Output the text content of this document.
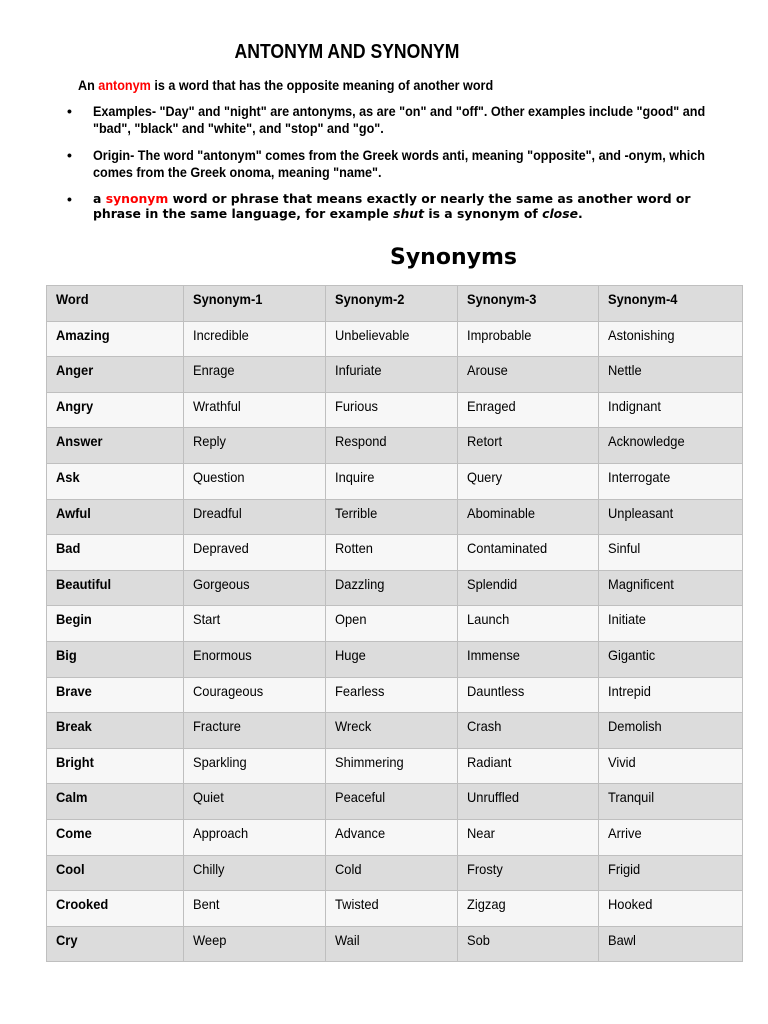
ANTONYM AND SYNONYM
An antonym is a word that has the opposite meaning of another word
• Examples- "Day" and "night" are antonyms, as are "on" and "off". Other examples include "good" and "bad", "black" and "white", and "stop" and "go".
• Origin- The word "antonym" comes from the Greek words anti, meaning "opposite", and -onym, which comes from the Greek onoma, meaning "name".
• a synonym word or phrase that means exactly or nearly the same as another word or phrase in the same language, for example shut is a synonym of close.
Synonyms
Word	Synonym-1	Synonym-2	Synonym-3	Synonym-4
Amazing	Incredible	Unbelievable	Improbable	Astonishing
Anger	Enrage	Infuriate	Arouse	Nettle
Angry	Wrathful	Furious	Enraged	Indignant
Answer	Reply	Respond	Retort	Acknowledge
Ask	Question	Inquire	Query	Interrogate
Awful	Dreadful	Terrible	Abominable	Unpleasant
Bad	Depraved	Rotten	Contaminated	Sinful
Beautiful	Gorgeous	Dazzling	Splendid	Magnificent
Begin	Start	Open	Launch	Initiate
Big	Enormous	Huge	Immense	Gigantic
Brave	Courageous	Fearless	Dauntless	Intrepid
Break	Fracture	Wreck	Crash	Demolish
Bright	Sparkling	Shimmering	Radiant	Vivid
Calm	Quiet	Peaceful	Unruffled	Tranquil
Come	Approach	Advance	Near	Arrive
Cool	Chilly	Cold	Frosty	Frigid
Crooked	Bent	Twisted	Zigzag	Hooked
Cry	Weep	Wail	Sob	Bawl
